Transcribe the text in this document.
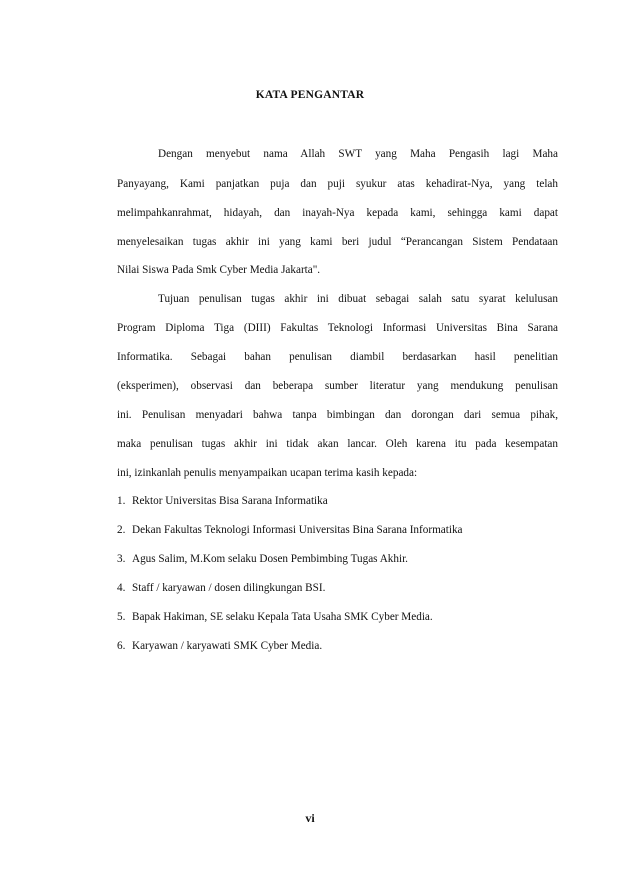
KATA PENGANTAR
Dengan menyebut nama Allah SWT yang Maha Pengasih lagi Maha
Panyayang, Kami panjatkan puja dan puji syukur atas kehadirat-Nya, yang telah
melimpahkanrahmat, hidayah, dan inayah-Nya kepada kami, sehingga kami dapat
menyelesaikan tugas akhir ini yang kami beri judul “Perancangan Sistem Pendataan
Nilai Siswa Pada Smk Cyber Media Jakarta".
Tujuan penulisan tugas akhir ini dibuat sebagai salah satu syarat kelulusan
Program Diploma Tiga (DIII) Fakultas Teknologi Informasi Universitas Bina Sarana
Informatika. Sebagai bahan penulisan diambil berdasarkan hasil penelitian
(eksperimen), observasi dan beberapa sumber literatur yang mendukung penulisan
ini. Penulisan menyadari bahwa tanpa bimbingan dan dorongan dari semua pihak,
maka penulisan tugas akhir ini tidak akan lancar. Oleh karena itu pada kesempatan
ini, izinkanlah penulis menyampaikan ucapan terima kasih kepada:
1. Rektor Universitas Bisa Sarana Informatika
2. Dekan Fakultas Teknologi Informasi Universitas Bina Sarana Informatika
3. Agus Salim, M.Kom selaku Dosen Pembimbing Tugas Akhir.
4. Staff / karyawan / dosen dilingkungan BSI.
5. Bapak Hakiman, SE selaku Kepala Tata Usaha SMK Cyber Media.
6. Karyawan / karyawati SMK Cyber Media.
vi
